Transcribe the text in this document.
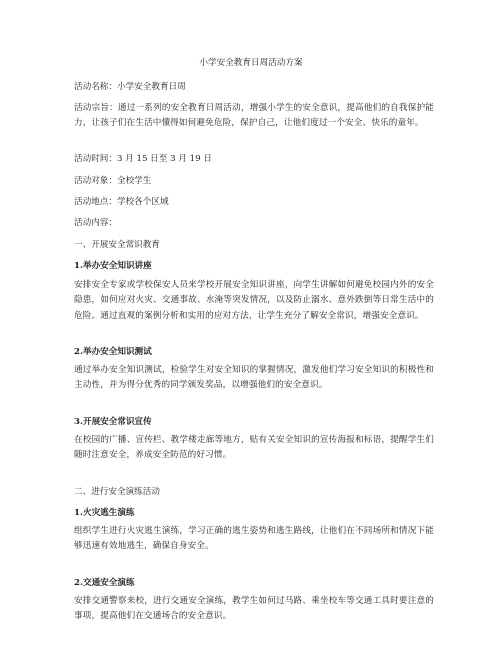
小学安全教育日周活动方案
活动名称：小学安全教育日周
活动宗旨：通过一系列的安全教育日周活动，增强小学生的安全意识，提高他们的自我保护能力，让孩子们在生活中懂得如何避免危险，保护自己，让他们度过一个安全、快乐的童年。
活动时间：3 月 15 日至 3 月 19 日
活动对象：全校学生
活动地点：学校各个区域
活动内容：
一、开展安全常识教育
1.举办安全知识讲座
安排安全专家或学校保安人员来学校开展安全知识讲座，向学生讲解如何避免校园内外的安全隐患，如何应对火灾、交通事故、水淹等突发情况，以及防止溺水、意外跌倒等日常生活中的危险。通过直观的案例分析和实用的应对方法，让学生充分了解安全常识，增强安全意识。
2.举办安全知识测试
通过举办安全知识测试，检验学生对安全知识的掌握情况，激发他们学习安全知识的积极性和主动性，并为得分优秀的同学颁发奖品，以增强他们的安全意识。
3.开展安全常识宣传
在校园的广播、宣传栏、教学楼走廊等地方，贴有关安全知识的宣传海报和标语，提醒学生们随时注意安全，养成安全防范的好习惯。
二、进行安全演练活动
1.火灾逃生演练
组织学生进行火灾逃生演练，学习正确的逃生姿势和逃生路线，让他们在不同场所和情况下能够迅速有效地逃生，确保自身安全。
2.交通安全演练
安排交通警察来校，进行交通安全演练，教学生如何过马路、乘坐校车等交通工具时要注意的事项，提高他们在交通场合的安全意识。
